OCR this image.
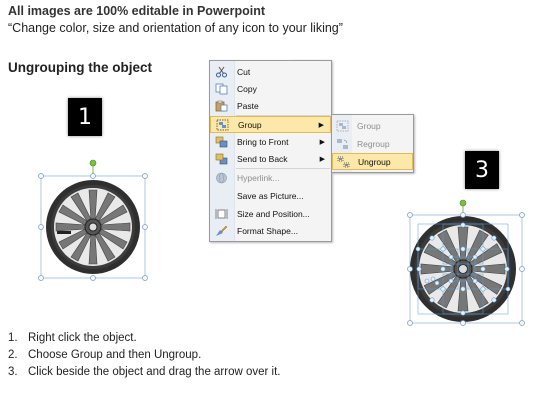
All images are 100% editable in Powerpoint
“Change color, size and orientation of any icon to your liking”
Ungrouping the object
1
3
Cut
Copy
Paste
Group	▶
Bring to Front	▶
Send to Back	▶
Hyperlink...
Save as Picture...
Size and Position...
Format Shape...
Group
Regroup
Ungroup
1. Right click the object.
2. Choose Group and then Ungroup.
3. Click beside the object and drag the arrow over it.
